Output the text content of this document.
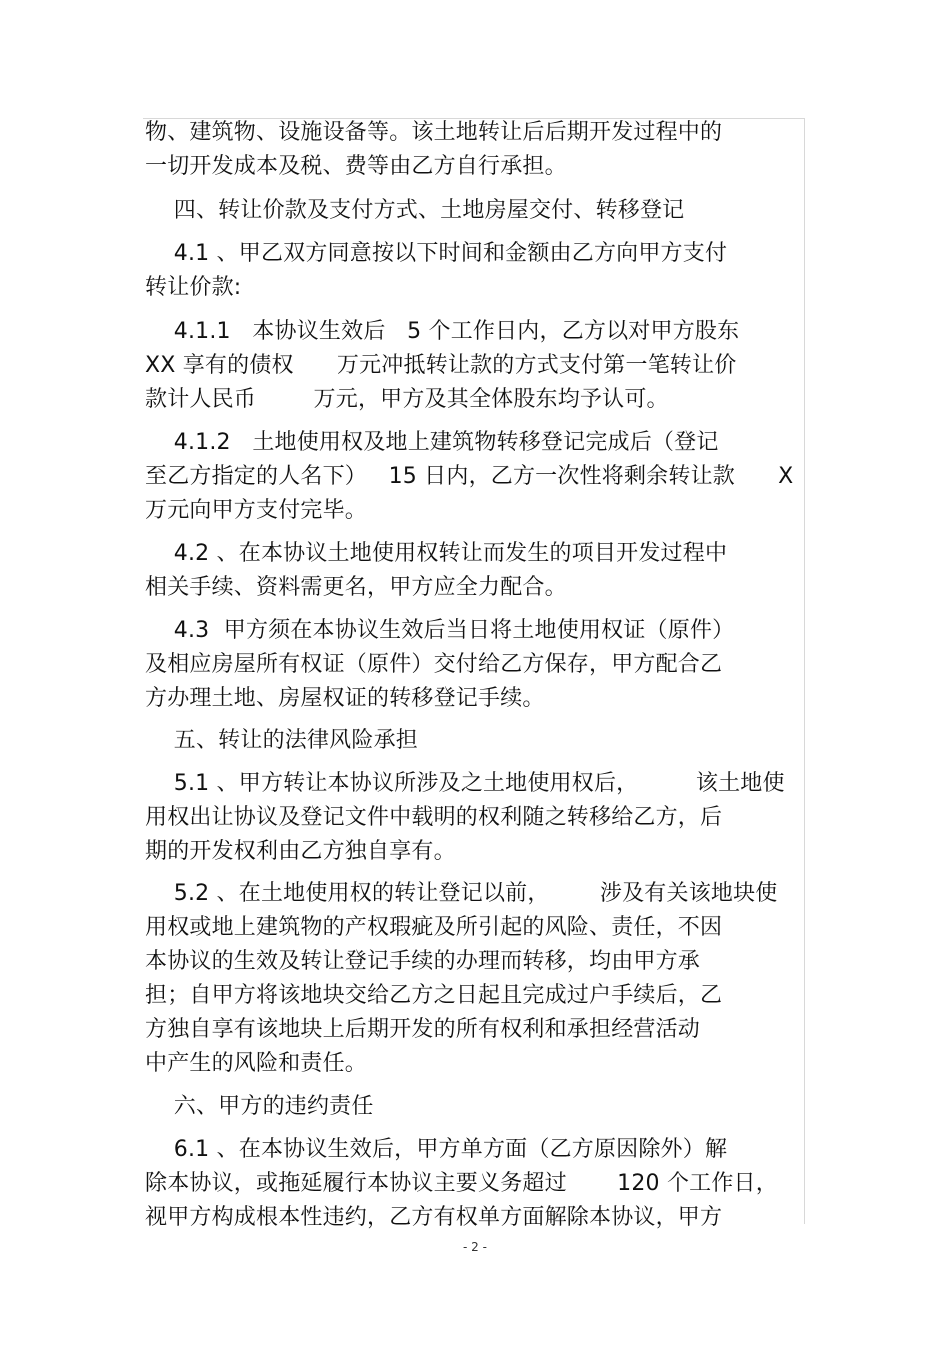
物、建筑物、设施设备等。该土地转让后后期开发过程中的
一切开发成本及税、费等由乙方自行承担。
四、转让价款及支付方式、土地房屋交付、转移登记
4.1 、甲乙双方同意按以下时间和金额由乙方向甲方支付
转让价款:
4.1.1   本协议生效后   5 个工作日内，乙方以对甲方股东
XX 享有的债权      万元冲抵转让款的方式支付第一笔转让价
款计人民币        万元，甲方及其全体股东均予认可。
4.1.2   土地使用权及地上建筑物转移登记完成后（登记
至乙方指定的人名下）   15 日内，乙方一次性将剩余转让款      X
万元向甲方支付完毕。
4.2 、在本协议土地使用权转让而发生的项目开发过程中
相关手续、资料需更名，甲方应全力配合。
4.3  甲方须在本协议生效后当日将土地使用权证（原件）
及相应房屋所有权证（原件）交付给乙方保存，甲方配合乙
方办理土地、房屋权证的转移登记手续。
五、转让的法律风险承担
5.1 、甲方转让本协议所涉及之土地使用权后，        该土地使
用权出让协议及登记文件中载明的权利随之转移给乙方，后
期的开发权利由乙方独自享有。
5.2 、在土地使用权的转让登记以前，       涉及有关该地块使
用权或地上建筑物的产权瑕疵及所引起的风险、责任，不因
本协议的生效及转让登记手续的办理而转移，均由甲方承
担；自甲方将该地块交给乙方之日起且完成过户手续后，乙
方独自享有该地块上后期开发的所有权利和承担经营活动
中产生的风险和责任。
六、甲方的违约责任
6.1 、在本协议生效后，甲方单方面（乙方原因除外）解
除本协议，或拖延履行本协议主要义务超过       120 个工作日，
视甲方构成根本性违约，乙方有权单方面解除本协议，甲方
- 2 -
